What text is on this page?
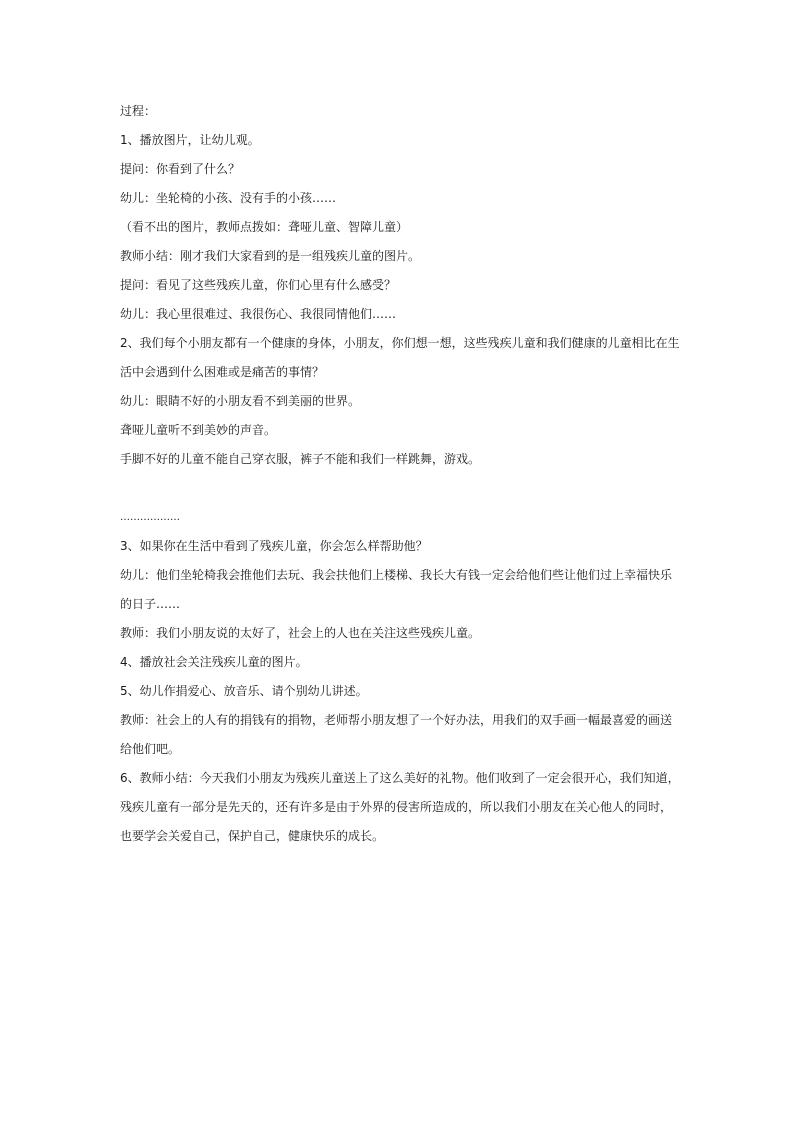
过程：
1、播放图片，让幼儿观。
提问：你看到了什么？
幼儿：坐轮椅的小孩、没有手的小孩……
（看不出的图片，教师点拨如：聋哑儿童、智障儿童）
教师小结：刚才我们大家看到的是一组残疾儿童的图片。
提问：看见了这些残疾儿童，你们心里有什么感受？
幼儿：我心里很难过、我很伤心、我很同情他们……
2、我们每个小朋友都有一个健康的身体，小朋友，你们想一想，这些残疾儿童和我们健康的儿童相比在生
活中会遇到什么困难或是痛苦的事情？
幼儿：眼睛不好的小朋友看不到美丽的世界。
聋哑儿童听不到美妙的声音。
手脚不好的儿童不能自己穿衣服，裤子不能和我们一样跳舞，游戏。
………………
3、如果你在生活中看到了残疾儿童，你会怎么样帮助他？
幼儿：他们坐轮椅我会推他们去玩、我会扶他们上楼梯、我长大有钱一定会给他们些让他们过上幸福快乐
的日子……
教师：我们小朋友说的太好了，社会上的人也在关注这些残疾儿童。
4、播放社会关注残疾儿童的图片。
5、幼儿作捐爱心、放音乐、请个别幼儿讲述。
教师：社会上的人有的捐钱有的捐物，老师帮小朋友想了一个好办法，用我们的双手画一幅最喜爱的画送
给他们吧。
6、教师小结：今天我们小朋友为残疾儿童送上了这么美好的礼物。他们收到了一定会很开心，我们知道，
残疾儿童有一部分是先天的，还有许多是由于外界的侵害所造成的，所以我们小朋友在关心他人的同时，
也要学会关爱自己，保护自己，健康快乐的成长。
